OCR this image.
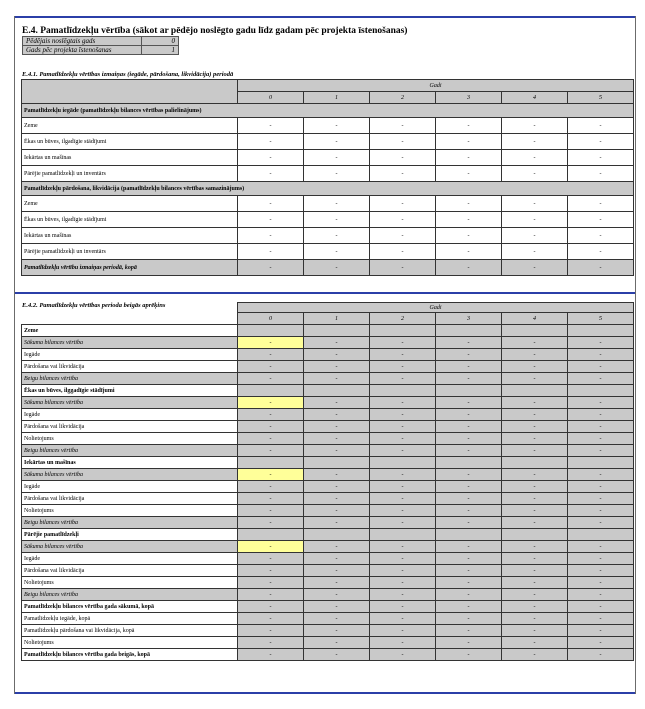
E.4. Pamatlīdzekļu vērtība (sākot ar pēdējo noslēgto gadu līdz gadam pēc projekta īstenošanas)
Pēdējais noslēgtais gads	0
Gads pēc projekta īstenošanas	1
E.4.1. Pamatlīdzekļu vērtības izmaiņas (iegāde, pārdošana, likvidācija) periodā
	Gadi					
	0	1	2	3	4	5
Pamatlīdzekļu iegāde (pamatlīdzekļu bilances vērtības palielinājums)						
Zeme	-	-	-	-	-	-
Ēkas un būves, ilgadīgie stādījumi	-	-	-	-	-	-
Iekārtas un mašīnas	-	-	-	-	-	-
Pārējie pamatlīdzekļi un inventārs	-	-	-	-	-	-
Pamatlīdzekļu pārdošana, likvidācija (pamatlīdzekļu bilances vērtības samazinājums)						
Zeme	-	-	-	-	-	-
Ēkas un būves, ilgadīgie stādījumi	-	-	-	-	-	-
Iekārtas un mašīnas	-	-	-	-	-	-
Pārējie pamatlīdzekļi un inventārs	-	-	-	-	-	-
Pamatlīdzekļu vērtību izmaiņas periodā, kopā	-	-	-	-	-	-
E.4.2. Pamatlīdzekļu vērtības perioda beigās aprēķins
		Gadi					
	0	1	2	3	4	5
Zeme						
Sākuma bilances vērtība	-	-	-	-	-	-
Iegāde	-	-	-	-	-	-
Pārdošana vai likvidācija	-	-	-	-	-	-
Beigu bilances vērtība	-	-	-	-	-	-
Ēkas un būves, ilggadīgie stādījumi						
Sākuma bilances vērtība	-	-	-	-	-	-
Iegāde	-	-	-	-	-	-
Pārdošana vai likvidācija	-	-	-	-	-	-
Nolietojums	-	-	-	-	-	-
Beigu bilances vērtība	-	-	-	-	-	-
Iekārtas un mašīnas						
Sākuma bilances vērtība	-	-	-	-	-	-
Iegāde	-	-	-	-	-	-
Pārdošana vai likvidācija	-	-	-	-	-	-
Nolietojums	-	-	-	-	-	-
Beigu bilances vērtība	-	-	-	-	-	-
Pārējie pamatlīdzekļi						
Sākuma bilances vērtība	-	-	-	-	-	-
Iegāde	-	-	-	-	-	-
Pārdošana vai likvidācija	-	-	-	-	-	-
Nolietojums	-	-	-	-	-	-
Beigu bilances vērtība	-	-	-	-	-	-
Pamatlīdzekļu bilances vērtība gada sākumā, kopā	-	-	-	-	-	-
Pamatlīdzekļu iegāde, kopā	-	-	-	-	-	-
Pamatlīdzekļu pārdošana vai likvidācija, kopā	-	-	-	-	-	-
Nolietojums	-	-	-	-	-	-
Pamatlīdzekļu bilances vērtība gada beigās, kopā	-	-	-	-	-	-
